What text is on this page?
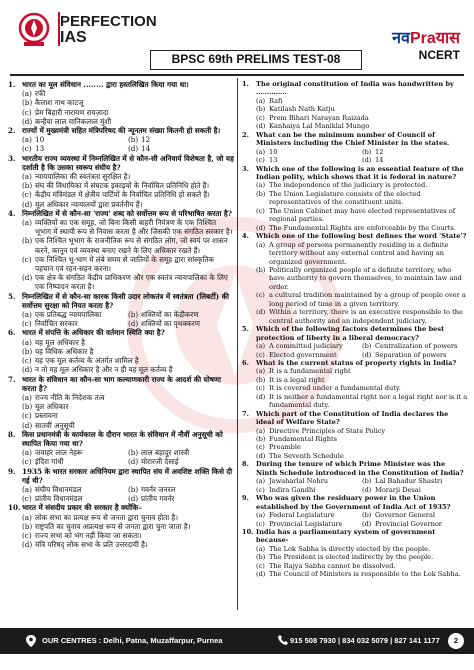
PERFECTION
IAS
BPSC 69th PRELIMS TEST-08
नवPraयास
NCERT
1. भारत का मूल संविधान ........ द्वारा हस्तलिखित किया गया था।
(a) रफी
(b) कैलाश नाथ काटजू
(c) प्रेम बिहारी नारायण रायज़ादा
(d) कन्हैया लाल मानिकलाल मुंशी
2. राज्यों में मुख्यमंत्री सहित मंत्रिपरिषद की न्यूनतम संख्या कितनी हो सकती है।
(a) 10	(b) 12
(c) 13	(d) 14
3. भारतीय राज्य व्यवस्था में निम्नलिखित में से कौन-सी अनिवार्य विशेषता है, जो यह दर्शाती है कि उसका स्वरूप संघीय है?
(a) न्यायपालिका की स्वतंत्रता सुरक्षित है।
(b) संघ की विधायिका में संघटक इकाइयों के निर्वाचित प्रतिनिधि होते हैं।
(c) केंद्रीय मंत्रिमंडल में क्षेत्रीय पार्टियों के निर्वाचित प्रतिनिधि हो सकते हैं।
(d) मूल अधिकार न्यायालयों द्वारा प्रवर्तनीय हैं।
4. निम्नलिखित में से कौन-सा 'राज्य' शब्द को सर्वोत्तम रूप से परिभाषित करता है?
(a) व्यक्तियों का एक समूह, जो बिना किसी बाहरी नियंत्रण के एक निश्चित भूभाग में स्थायी रूप से निवास करता है और जिसकी एक संगठित सरकार है।
(b) एक निश्चित भूभाग के राजनीतिक रूप से संगठित लोग, जो स्वयं पर शासन करने, कानून एवं व्यवस्था बनाए रखने के लिए अधिकार रखते हैं।
(c) एक निश्चित भू-भाग में लंबे समय से जातियों के समूह द्वारा सांस्कृतिक पहचान एवं रहन-सहन करना।
(d) एक क्षेत्र के संगठित केंद्रीय प्राधिकरण और एक स्वतंत्र न्यायपालिका के लिए एक निष्पादन करता है।
5. निम्नलिखित में से कौन-सा कारक किसी उदार लोकतंत्र में स्वतंत्रता (लिबर्टी) की सर्वोत्तम सुरक्षा को नियत करता है?
(a) एक प्रतिबद्ध न्यायपालिका	(b) शक्तियों का केंद्रीकरण
(c) निर्वाचित सरकार	(d) शक्तियों का पृथक्करण
6. भारत में संपत्ति के अधिकार की वर्तमान स्थिति क्या है?
(a) यह मूल अधिकार है
(b) यह विधिक अधिकार है
(c) यह एक मूल कर्तव्य के अंतर्गत शामिल है
(d) न तो यह मूल अधिकार है और न ही यह मूल कर्तव्य है
7. भारत के संविधान का कौन-सा भाग कल्याणकारी राज्य के आदर्श की घोषणा करता है?
(a) राज्य नीति के निदेशक तत्व
(b) मूल अधिकार
(c) प्रस्तावना
(d) सातवीं अनुसूची
8. किस प्रधानमंत्री के कार्यकाल के दौरान भारत के संविधान में नौवीं अनुसूची को स्थापित किया गया था?
(a) जवाहर लाल नेहरू	(b) लाल बहादुर शास्त्री
(c) इंदिरा गांधी	(d) मोरारजी देसाई
9. 1935 के भारत सरकार अधिनियम द्वारा स्थापित संघ में अवशिष्ट शक्ति किसे दी गई थी?
(a) संघीय विधानमंडल	(b) गवर्नर जनरल
(c) प्रांतीय विधानमंडल	(d) प्रांतीय गवर्नर
10. भारत में संसदीय प्रकार की सरकार है क्योंकि–
(a) लोक सभा का प्रत्यक्ष रूप से जनता द्वारा चुनाव होता है।
(b) राष्ट्रपति का चुनाव अप्रत्यक्ष रूप से जनता द्वारा चुना जाता है।
(c) राज्य सभा को भंग नहीं किया जा सकता।
(d) मंत्रि परिषद् लोक सभा के प्रति उत्तरदायी है।
1.	The original constitution of India was handwritten by …………..
(a) Rafi
(b) Katilash Nath Katju
(c) Prem Bihari Narayan Raizada
(d) Kanhaiya Lal Maniklal Mungo
2.	What can be the minimum number of Council of Ministers including the Chief Minister in the states.
(a) 10	(b) 12
(c) 13	(d) 14
3.	Which one of the following is an essential feature of the Indian polity, which shows that it is federal in nature?
(a) The independence of the judiciary is protected.
(b) The Union Legislature consists of the elected representatives of the constituent units.
(c) The Union Cabinet may have elected representatives of regional parties.
(d) The Fundamental Rights are enforceable by the Courts.
4.	Which one of the following best defines the word 'State'?
(a) A group of persons permanently residing in a definite territory without any external control and having an organized government.
(b) Politically organized people of a definite territory, who have authority to govern themselves, to maintain law and order.
(c) a cultural tradition maintained by a group of people over a long period of time in a given territory.
(d) Within a territory, there is an executive responsible to the central authority and an independent judiciary.
5.	Which of the following factors determines the best protection of liberty in a liberal democracy?
(a) A committed judiciary	(b) Centralization of powers
(c) Elected government	(d) Separation of powers
6.	What is the current status of property rights in India?
(a) It is a fundamental right
(b) It is a legal right
(c) It is covered under a fundamental duty.
(d) It is neither a fundamental right nor a legal right nor is it a fundamental duty.
7.	Which part of the Constitution of India declares the ideal of Welfare State?
(a) Directive Principles of State Policy
(b) Fundamental Rights
(c) Preamble
(d) The Seventh Schedule
8.	During the tenure of which Prime Minister was the Ninth Schedule introduced in the Constitution of India?
(a) Jawaharlal Nehru	(b) Lal Bahadur Shastri
(c) Indira Gandhi	(d) Morarji Desai
9.	Who was given the residuary power in the Union established by the Government of India Act of 1935?
(a) Federal Legislature	(b) Governor General
(c) Provincial Legislature	(d) Provincial Governor
10. India has a parliamentary system of government because-
(a) The Lok Sabha is directly elected by the people.
(b) The President is elected indirectly by the people.
(c) The Rajya Sabha cannot be dissolved.
(d) The Council of Ministers is responsible to the Lok Sabha.
OUR CENTRES : Delhi, Patna, Muzaffarpur, Purnea	915 508 7930 | 834 032 5079 | 827 141 1177	2
